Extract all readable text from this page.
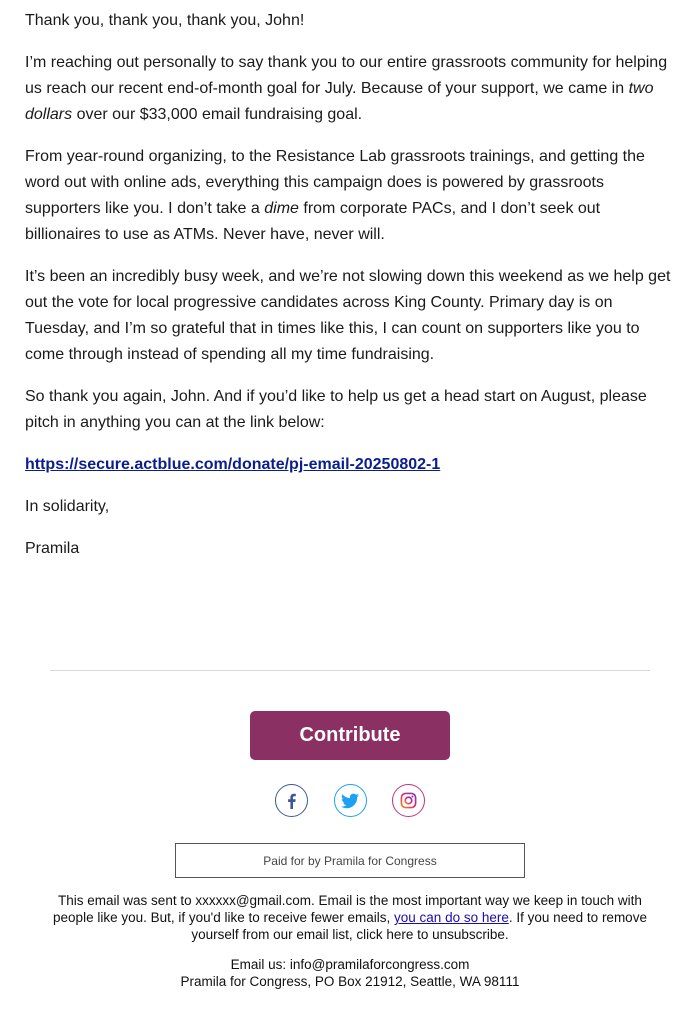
Thank you, thank you, thank you, John!

I’m reaching out personally to say thank you to our entire grassroots community for helping us reach our recent end-of-month goal for July. Because of your support, we came in two dollars over our $33,000 email fundraising goal.

From year-round organizing, to the Resistance Lab grassroots trainings, and getting the word out with online ads, everything this campaign does is powered by grassroots supporters like you. I don’t take a dime from corporate PACs, and I don’t seek out billionaires to use as ATMs. Never have, never will.

It’s been an incredibly busy week, and we’re not slowing down this weekend as we help get out the vote for local progressive candidates across King County. Primary day is on Tuesday, and I’m so grateful that in times like this, I can count on supporters like you to come through instead of spending all my time fundraising.

So thank you again, John. And if you’d like to help us get a head start on August, please pitch in anything you can at the link below:

https://secure.actblue.com/donate/pj-email-20250802-1

In solidarity,

Pramila

Contribute
Paid for by Pramila for Congress
This email was sent to xxxxxx@gmail.com. Email is the most important way we keep in touch with people like you. But, if you'd like to receive fewer emails, you can do so here. If you need to remove yourself from our email list, click here to unsubscribe.
Email us: info@pramilaforcongress.com
Pramila for Congress, PO Box 21912, Seattle, WA 98111
